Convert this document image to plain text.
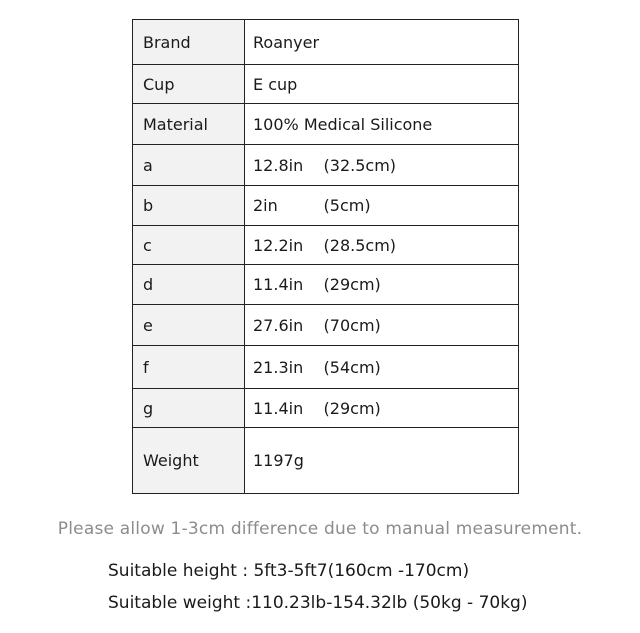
Brand	Roanyer
Cup	E cup
Material	100% Medical Silicone
a	12.8in    (32.5cm)
b	2in         (5cm)
c	12.2in    (28.5cm)
d	11.4in    (29cm)
e	27.6in    (70cm)
f	21.3in    (54cm)
g	11.4in    (29cm)
Weight	1197g
Please allow 1-3cm difference due to manual measurement.
Suitable height : 5ft3-5ft7(160cm -170cm)
Suitable weight :110.23lb-154.32lb (50kg - 70kg)
